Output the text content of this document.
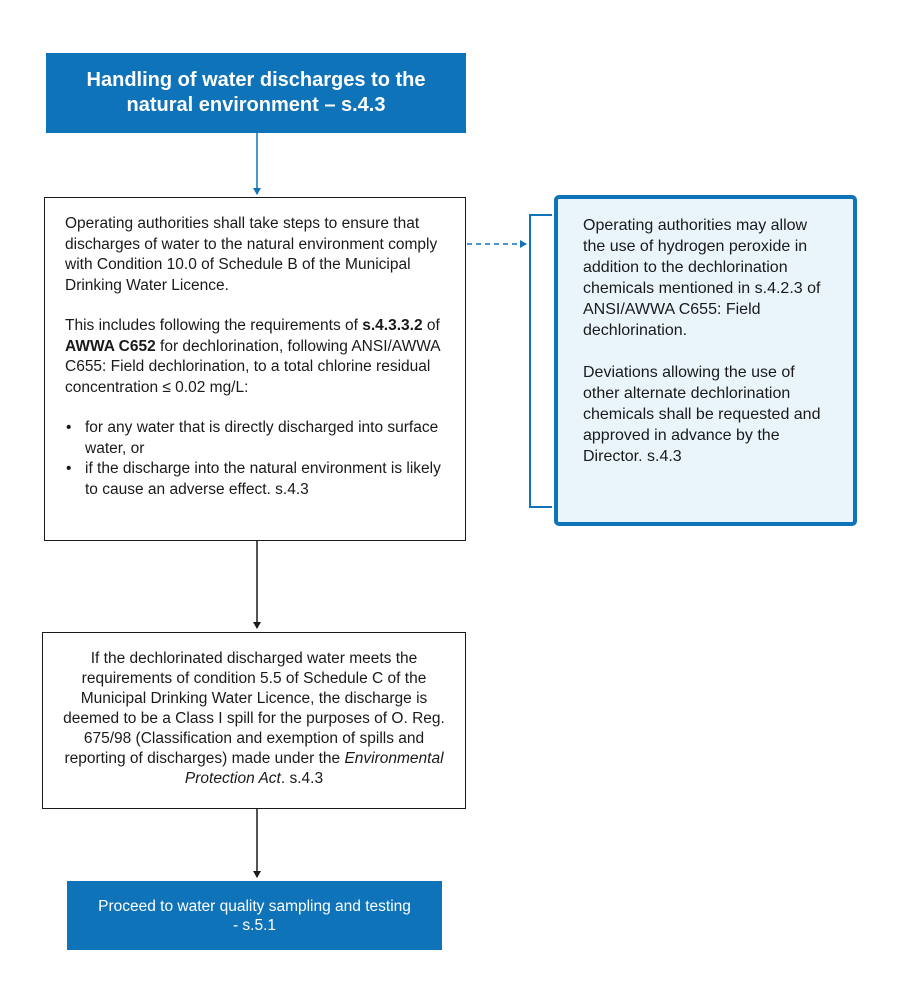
Handling of water discharges to the natural environment – s.4.3

Operating authorities shall take steps to ensure that discharges of water to the natural environment comply with Condition 10.0 of Schedule B of the Municipal Drinking Water Licence.

This includes following the requirements of s.4.3.3.2 of AWWA C652 for dechlorination, following ANSI/AWWA C655: Field dechlorination, to a total chlorine residual concentration ≤ 0.02 mg/L:

• for any water that is directly discharged into surface water, or
• if the discharge into the natural environment is likely to cause an adverse effect. s.4.3

Operating authorities may allow the use of hydrogen peroxide in addition to the dechlorination chemicals mentioned in s.4.2.3 of ANSI/AWWA C655: Field dechlorination.

Deviations allowing the use of other alternate dechlorination chemicals shall be requested and approved in advance by the Director. s.4.3

If the dechlorinated discharged water meets the requirements of condition 5.5 of Schedule C of the Municipal Drinking Water Licence, the discharge is deemed to be a Class I spill for the purposes of O. Reg. 675/98 (Classification and exemption of spills and reporting of discharges) made under the Environmental Protection Act. s.4.3
Proceed to water quality sampling and testing - s.5.1
